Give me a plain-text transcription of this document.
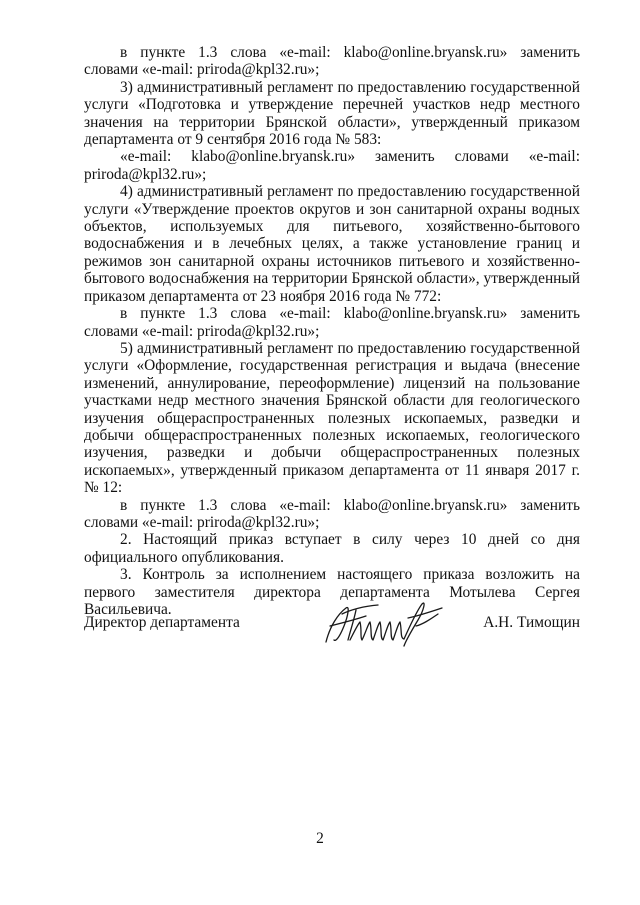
в пункте 1.3 слова «e-mail: klabo@online.bryansk.ru» заменить словами «e-mail: priroda@kpl32.ru»;

3) административный регламент по предоставлению государственной услуги «Подготовка и утверждение перечней участков недр местного значения на территории Брянской области», утвержденный приказом департамента от 9 сентября 2016 года № 583:

«e-mail: klabo@online.bryansk.ru» заменить словами «e-mail: priroda@kpl32.ru»;

4) административный регламент по предоставлению государственной услуги «Утверждение проектов округов и зон санитарной охраны водных объектов, используемых для питьевого, хозяйственно-бытового водоснабжения и в лечебных целях, а также установление границ и режимов зон санитарной охраны источников питьевого и хозяйственно-бытового водоснабжения на территории Брянской области», утвержденный приказом департамента от 23 ноября 2016 года № 772:

в пункте 1.3 слова «e-mail: klabo@online.bryansk.ru» заменить словами «e-mail: priroda@kpl32.ru»;

5) административный регламент по предоставлению государственной услуги «Оформление, государственная регистрация и выдача (внесение изменений, аннулирование, переоформление) лицензий на пользование участками недр местного значения Брянской области для геологического изучения общераспространенных полезных ископаемых, разведки и добычи общераспространенных полезных ископаемых, геологического изучения, разведки и добычи общераспространенных полезных ископаемых», утвержденный приказом департамента от 11 января 2017 г. № 12:

в пункте 1.3 слова «e-mail: klabo@online.bryansk.ru» заменить словами «e-mail: priroda@kpl32.ru»;

2. Настоящий приказ вступает в силу через 10 дней со дня официального опубликования.

3. Контроль за исполнением настоящего приказа возложить на первого заместителя директора департамента Мотылева Сергея Васильевича.

Директор департамента	А.Н. Тимощин
2
